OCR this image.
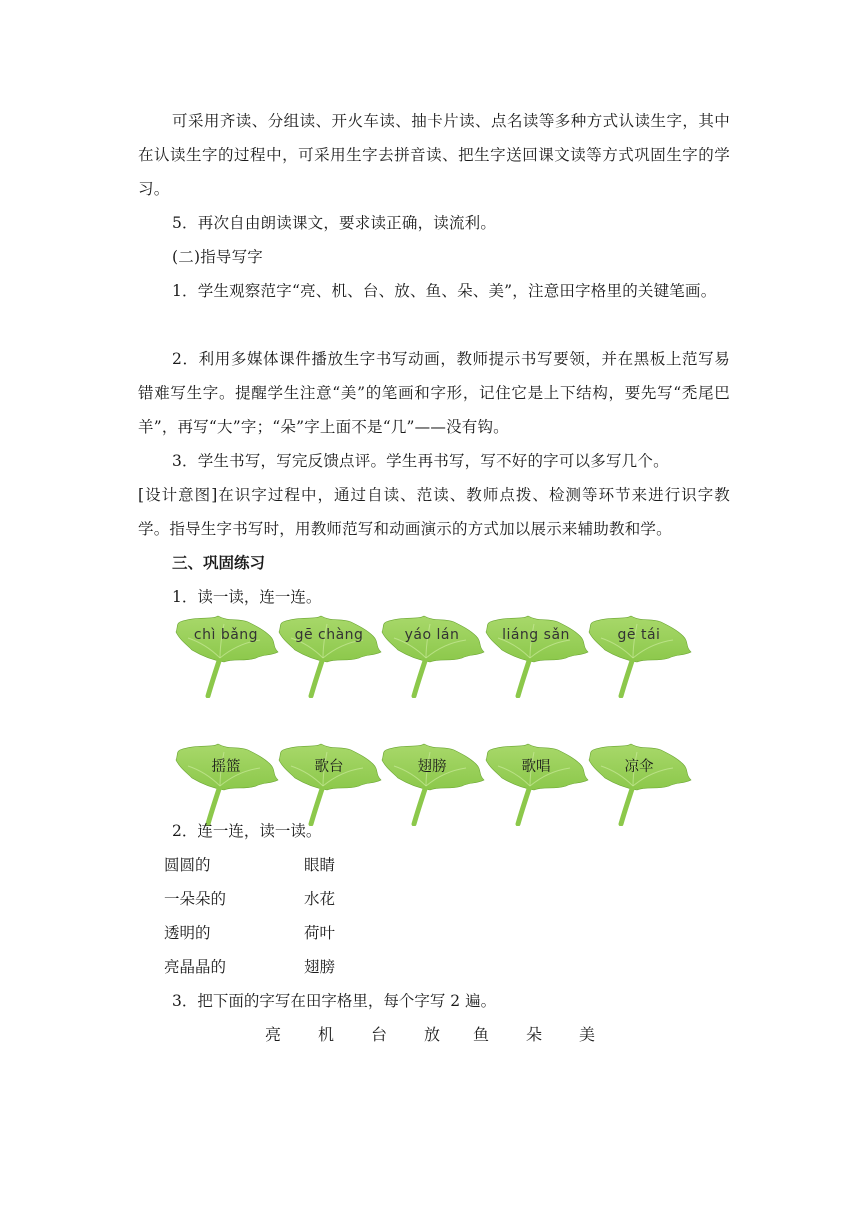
可采用齐读、分组读、开火车读、抽卡片读、点名读等多种方式认读生字，其中在认读生字的过程中，可采用生字去拼音读、把生字送回课文读等方式巩固生字的学习。

5．再次自由朗读课文，要求读正确，读流利。

(二)指导写字

1．学生观察范字“亮、机、台、放、鱼、朵、美”，注意田字格里的关键笔画。

2．利用多媒体课件播放生字书写动画，教师提示书写要领，并在黑板上范写易错难写生字。提醒学生注意“美”的笔画和字形，记住它是上下结构，要先写“禿尾巴羊”，再写“大”字；“朵”字上面不是“几”——没有钩。

3．学生书写，写完反馈点评。学生再书写，写不好的字可以多写几个。

[设计意图]在识字过程中，通过自读、范读、教师点拨、检测等环节来进行识字教学。指导生字书写时，用教师范写和动画演示的方式加以展示来辅助教和学。

三、巩固练习
1．读一读，连一连。
chì bǎng	gē chàng	yáo lán	liáng sǎn	gē tái
摇篮	歌台	翅膀	歌唱	凉伞
2．连一连，读一读。
圆圆的	眼睛
一朵朵的	水花
透明的	荷叶
亮晶晶的	翅膀
3．把下面的字写在田字格里，每个字写 2 遍。
亮 机 台 放 鱼 朵 美
